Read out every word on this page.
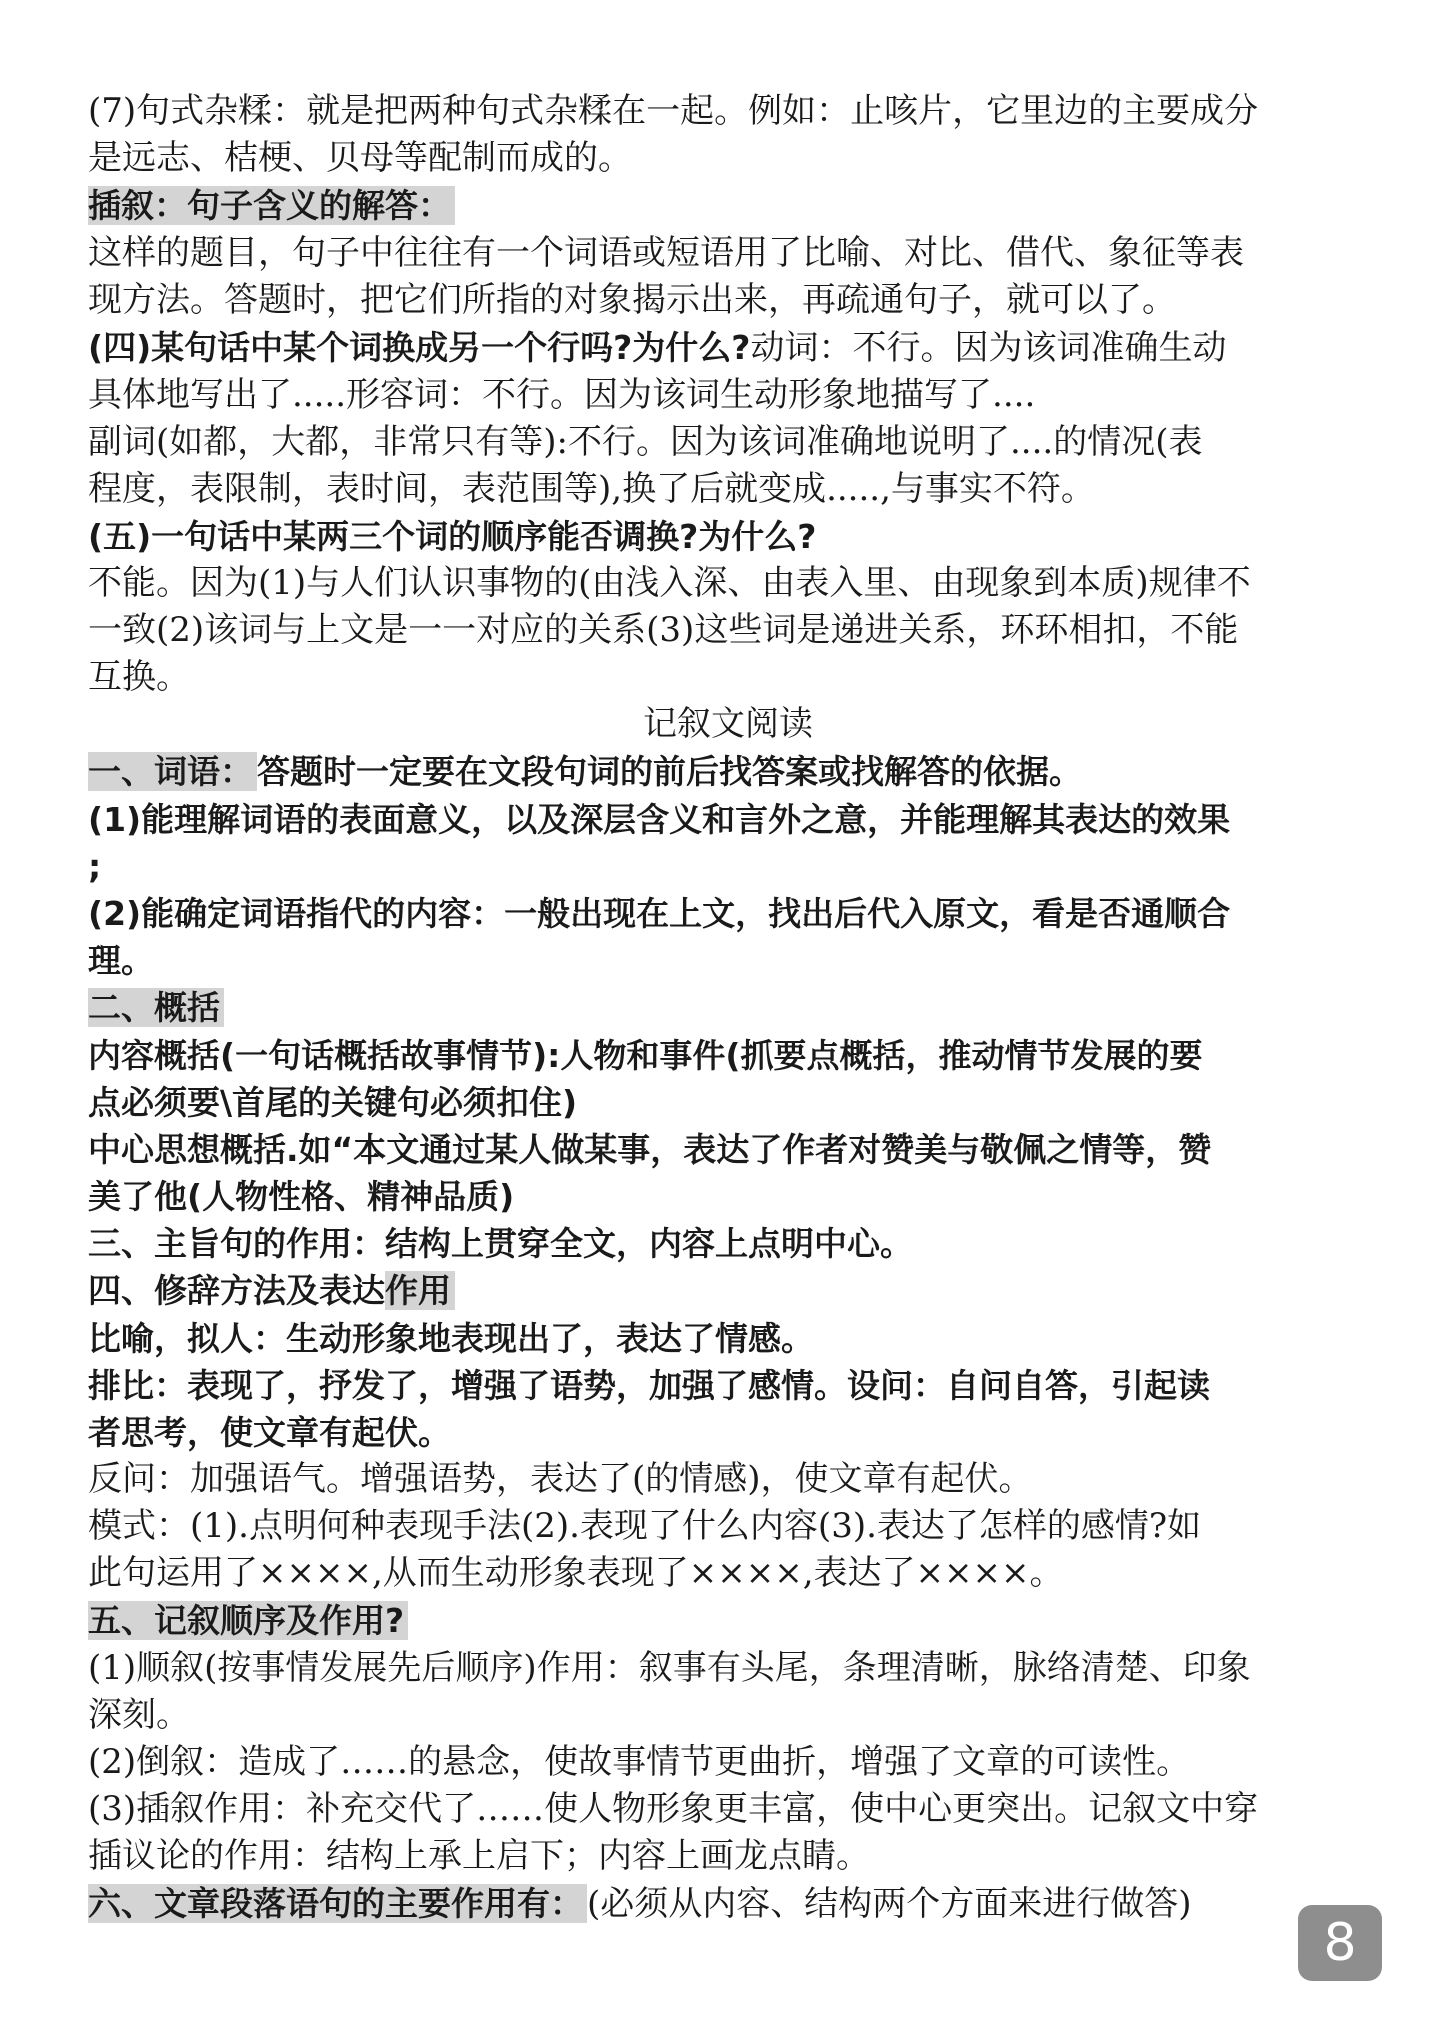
(7)句式杂糅：就是把两种句式杂糅在一起。例如：止咳片，它里边的主要成分
是远志、桔梗、贝母等配制而成的。
插叙：句子含义的解答：
这样的题目，句子中往往有一个词语或短语用了比喻、对比、借代、象征等表
现方法。答题时，把它们所指的对象揭示出来，再疏通句子，就可以了。
(四)某句话中某个词换成另一个行吗?为什么?动词：不行。因为该词准确生动
具体地写出了.....形容词：不行。因为该词生动形象地描写了....
副词(如都，大都，非常只有等):不行。因为该词准确地说明了....的情况(表
程度，表限制，表时间，表范围等),换了后就变成.....,与事实不符。
(五)一句话中某两三个词的顺序能否调换?为什么?
不能。因为(1)与人们认识事物的(由浅入深、由表入里、由现象到本质)规律不
一致(2)该词与上文是一一对应的关系(3)这些词是递进关系，环环相扣，不能
互换。
记叙文阅读
一、词语： 答题时一定要在文段句词的前后找答案或找解答的依据。
(1)能理解词语的表面意义，以及深层含义和言外之意，并能理解其表达的效果
;
(2)能确定词语指代的内容：一般出现在上文，找出后代入原文，看是否通顺合
理。
二、概括
内容概括(一句话概括故事情节):人物和事件(抓要点概括，推动情节发展的要
点必须要\首尾的关键句必须扣住)
中心思想概括.如“本文通过某人做某事，表达了作者对赞美与敬佩之情等，赞
美了他(人物性格、精神品质)
三、主旨句的作用：结构上贯穿全文，内容上点明中心。
四、修辞方法及表达作用
比喻，拟人：生动形象地表现出了，表达了情感。
排比：表现了，抒发了，增强了语势，加强了感情。设问：自问自答，引起读
者思考，使文章有起伏。
反问：加强语气。增强语势，表达了(的情感)，使文章有起伏。
模式：(1).点明何种表现手法(2).表现了什么内容(3).表达了怎样的感情?如
此句运用了××××,从而生动形象表现了××××,表达了××××。
五、记叙顺序及作用?
(1)顺叙(按事情发展先后顺序)作用：叙事有头尾，条理清晰，脉络清楚、印象
深刻。
(2)倒叙：造成了……的悬念，使故事情节更曲折，增强了文章的可读性。
(3)插叙作用：补充交代了……使人物形象更丰富，使中心更突出。记叙文中穿
插议论的作用：结构上承上启下；内容上画龙点睛。
六、文章段落语句的主要作用有： (必须从内容、结构两个方面来进行做答)
8
